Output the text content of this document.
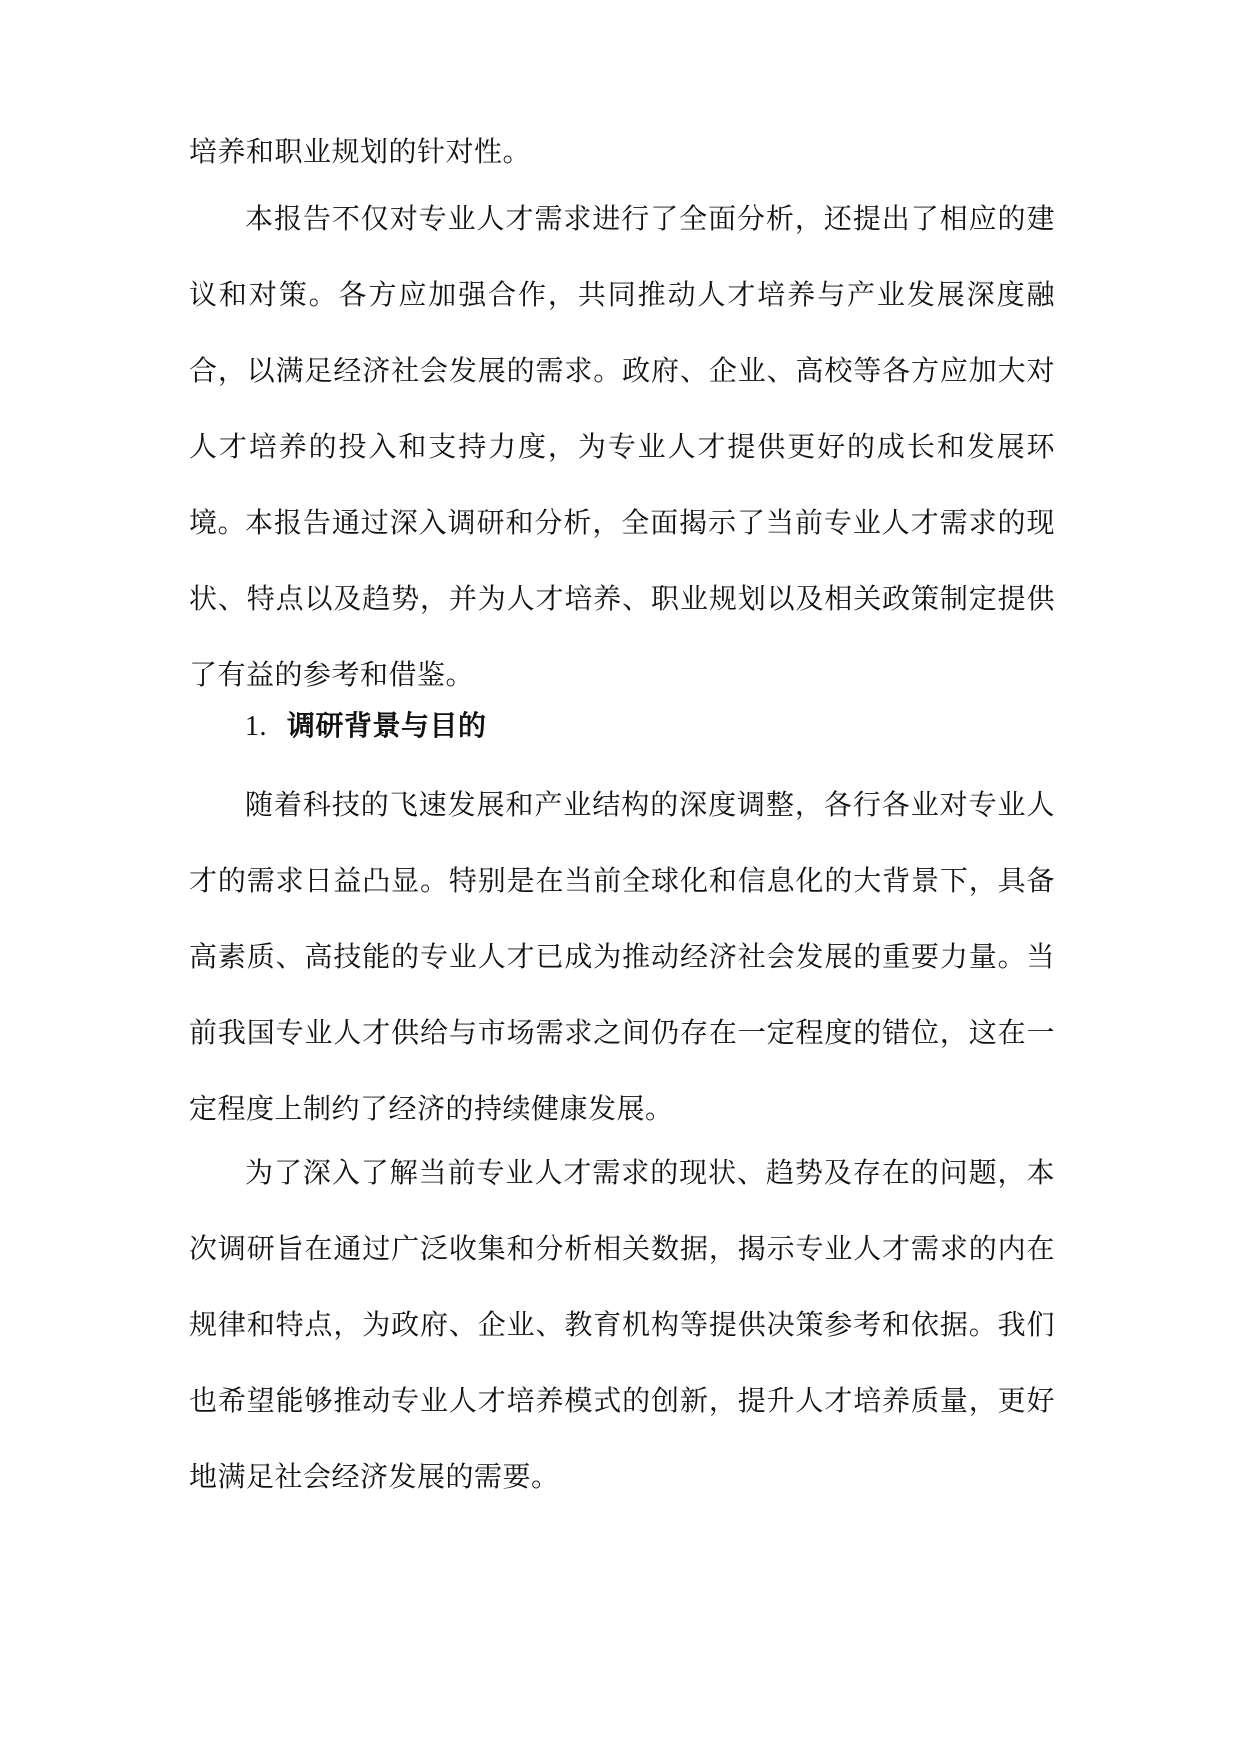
培养和职业规划的针对性。

本报告不仅对专业人才需求进行了全面分析，还提出了相应的建议和对策。各方应加强合作，共同推动人才培养与产业发展深度融合，以满足经济社会发展的需求。政府、企业、高校等各方应加大对人才培养的投入和支持力度，为专业人才提供更好的成长和发展环境。

本报告通过深入调研和分析，全面揭示了当前专业人才需求的现状、特点以及趋势，并为人才培养、职业规划以及相关政策制定提供了有益的参考和借鉴。

1. 调研背景与目的

随着科技的飞速发展和产业结构的深度调整，各行各业对专业人才的需求日益凸显。特别是在当前全球化和信息化的大背景下，具备高素质、高技能的专业人才已成为推动经济社会发展的重要力量。当前我国专业人才供给与市场需求之间仍存在一定程度的错位，这在一定程度上制约了经济的持续健康发展。

为了深入了解当前专业人才需求的现状、趋势及存在的问题，本次调研旨在通过广泛收集和分析相关数据，揭示专业人才需求的内在规律和特点，为政府、企业、教育机构等提供决策参考和依据。我们也希望能够推动专业人才培养模式的创新，提升人才培养质量，更好地满足社会经济发展的需要。
